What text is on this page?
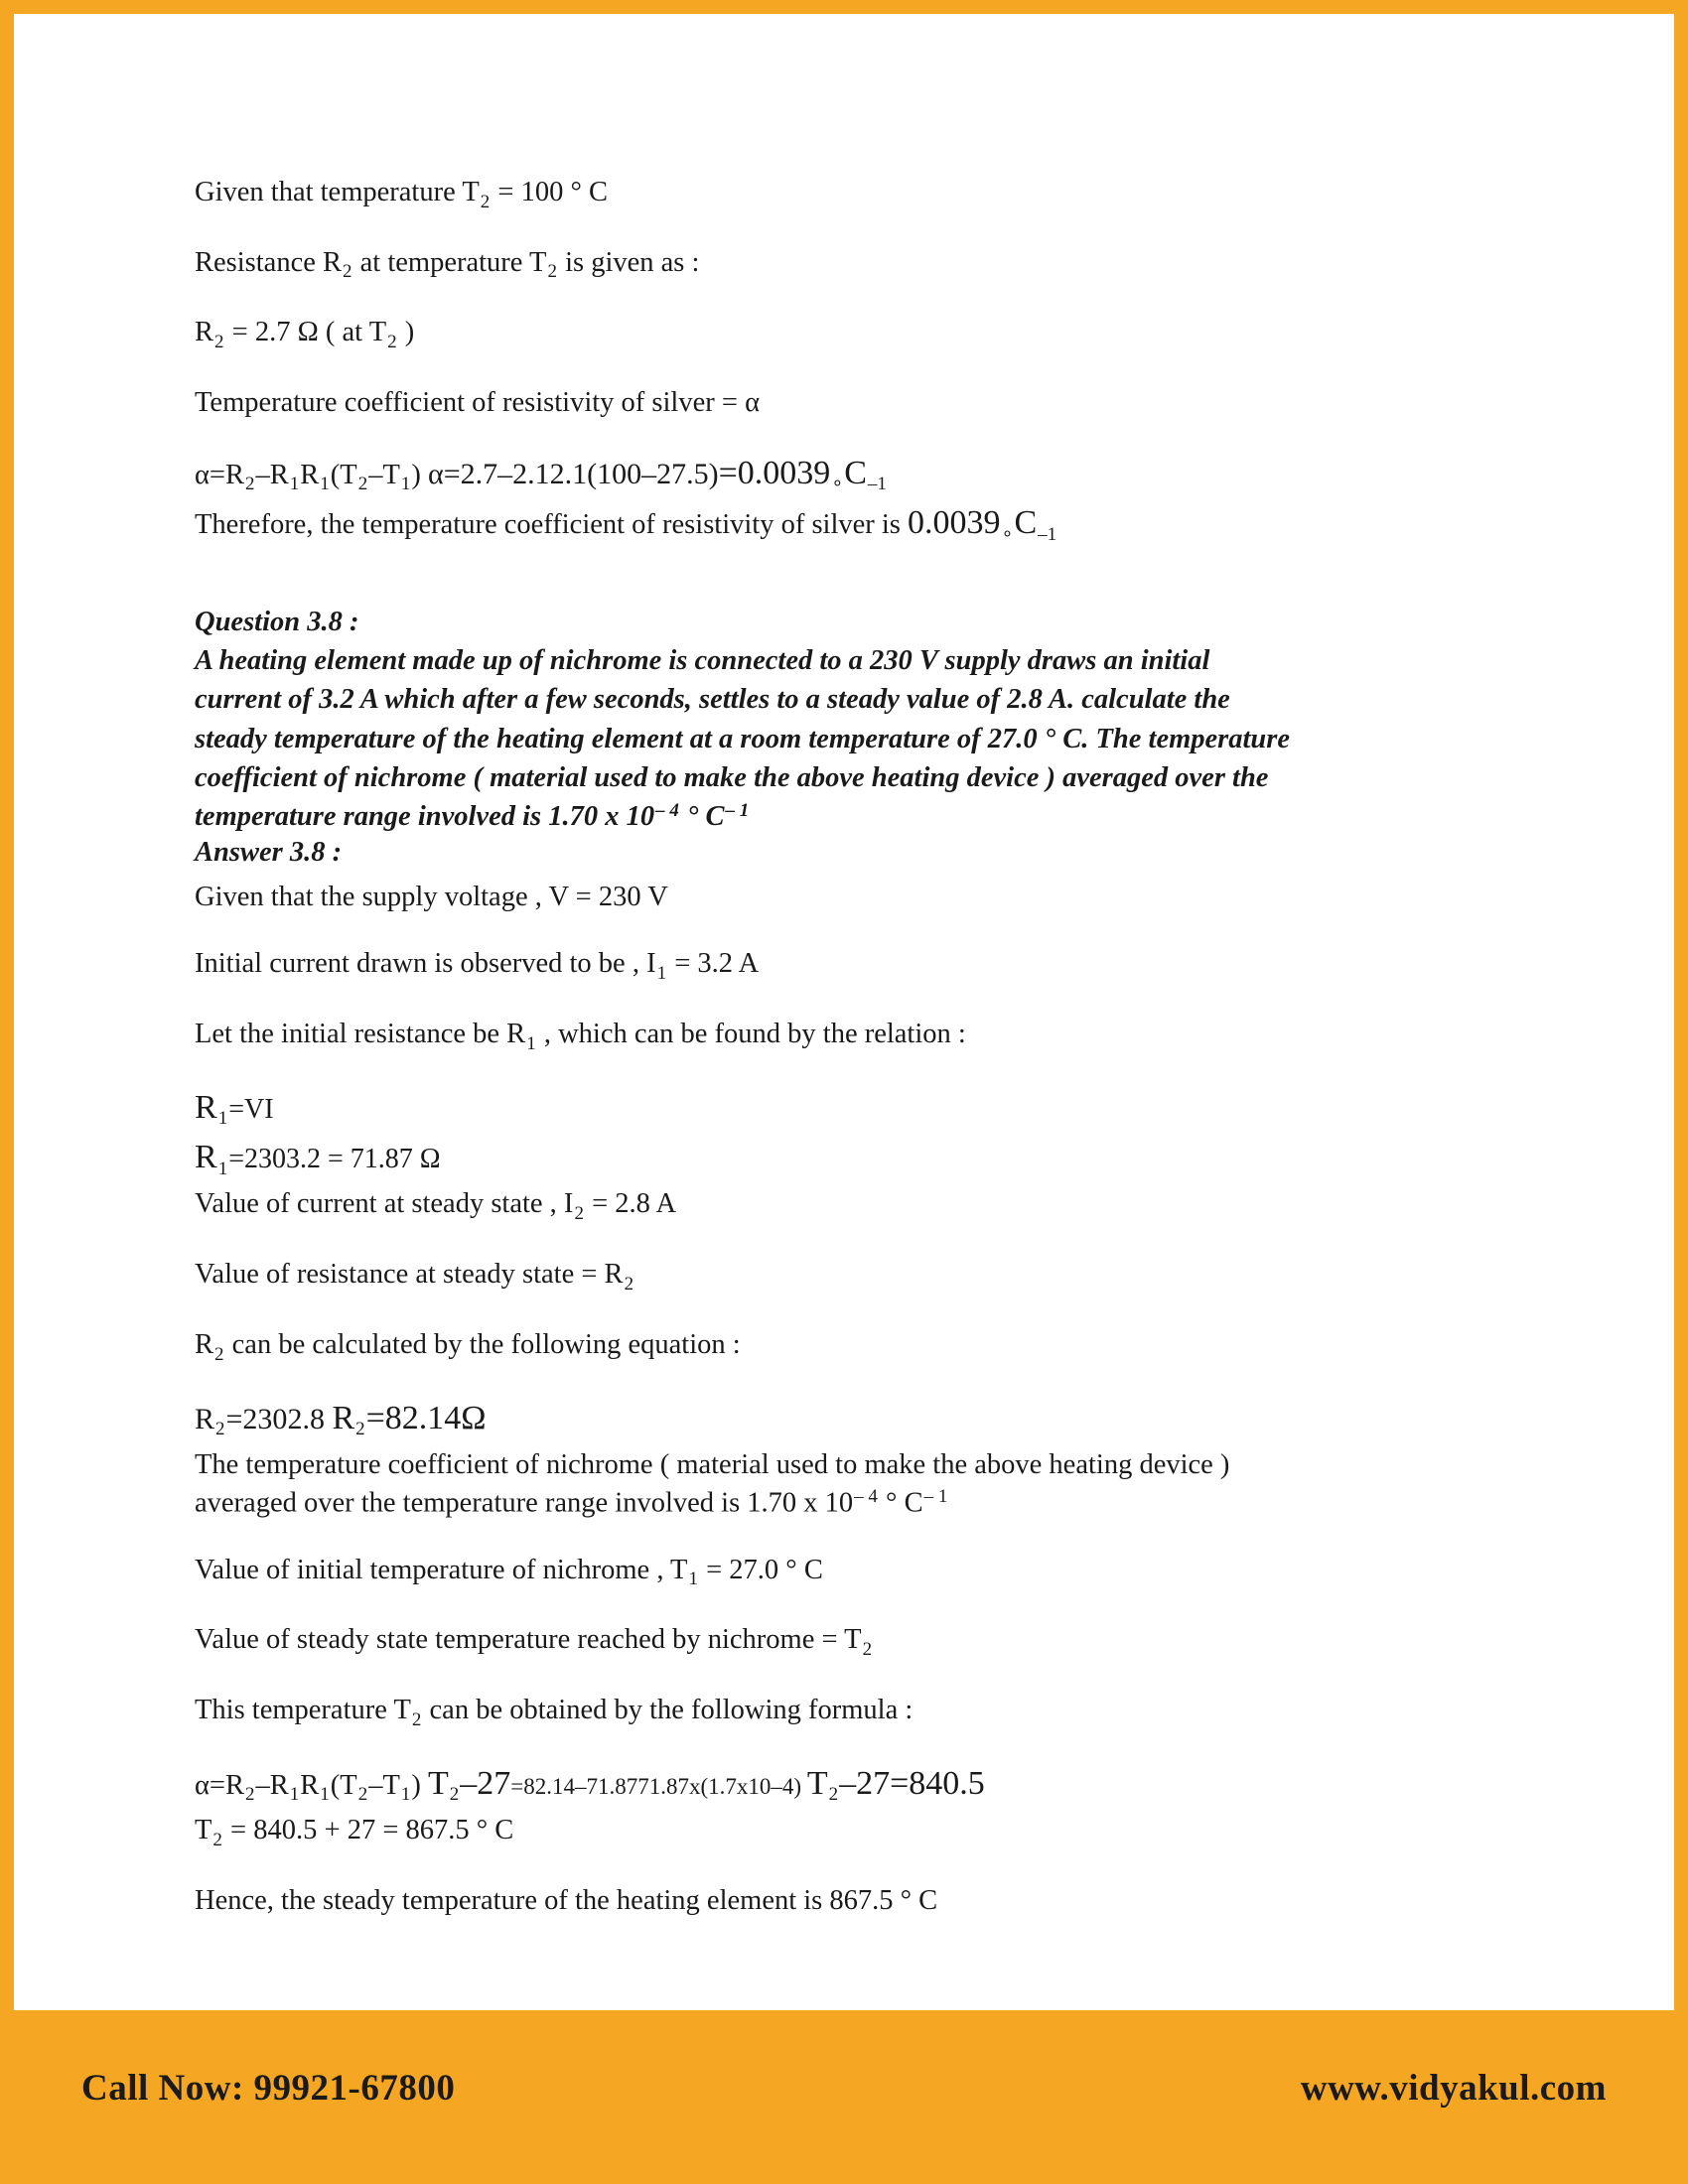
Given that temperature $T_2 = 100$ ° C

Resistance $R_2$ at temperature $T_2$ is given as :

$R_2 = 2.7$ Ω ( at $T_2$ )

Temperature coefficient of resistivity of silver = α

$\alpha=R_2-R_1R_1(T_2-T_1)$ $\alpha=2.7-2.12.1(100-27.5)=0.0039_\circ C_{-1}$

Therefore, the temperature coefficient of resistivity of silver is $0.0039_\circ C_{-1}$

Question 3.8 :

A heating element made up of nichrome is connected to a 230 V supply draws an initial
current of 3.2 A which after a few seconds, settles to a steady value of 2.8 A. calculate the
steady temperature of the heating element at a room temperature of 27.0 ° C. The temperature
coefficient of nichrome ( material used to make the above heating device ) averaged over the
temperature range involved is 1.70 x $10^{- 4}$ ° $C^{- 1}$

Answer 3.8 :

Given that the supply voltage , V = 230 V

Initial current drawn is observed to be , $I_1 = 3.2$ A

Let the initial resistance be $R_1$ , which can be found by the relation :

$R_1=VI$

$R_1=2303.2 = 71.87$ Ω

Value of current at steady state , $I_2 = 2.8$ A

Value of resistance at steady state = $R_2$

$R_2$ can be calculated by the following equation :

$R_2=2302.8$ $R_2=82.14\Omega$

The temperature coefficient of nichrome ( material used to make the above heating device )
averaged over the temperature range involved is 1.70 x $10^{- 4}$ ° $C^{- 1}$

Value of initial temperature of nichrome , $T_1 = 27.0$ ° C

Value of steady state temperature reached by nichrome = $T_2$

This temperature $T_2$ can be obtained by the following formula :

$\alpha=R_2-R_1R_1(T_2-T_1)$ $T_2-27=82.14-71.8771.87x(1.7x10-4)$ $T_2-27=840.5$

$T_2 = 840.5 + 27 = 867.5$ ° C

Hence, the steady temperature of the heating element is 867.5 ° C

Call Now: 99921-67800	www.vidyakul.com
